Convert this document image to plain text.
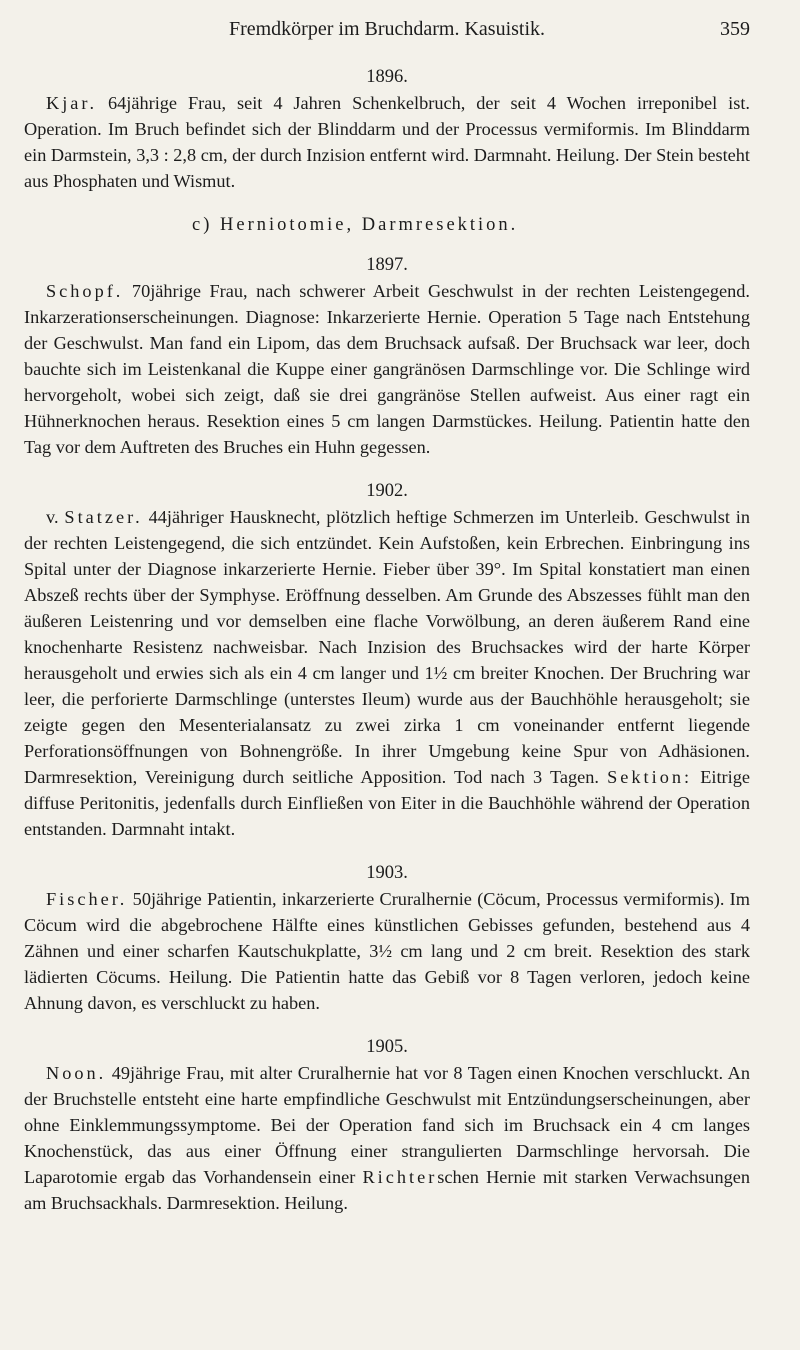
Fremdkörper im Bruchdarm. Kasuistik.	359

1896.

Kjar. 64jährige Frau, seit 4 Jahren Schenkelbruch, der seit 4 Wochen irreponibel ist. Operation. Im Bruch befindet sich der Blinddarm und der Processus vermiformis. Im Blinddarm ein Darmstein, 3,3 : 2,8 cm, der durch Inzision entfernt wird. Darmnaht. Heilung. Der Stein besteht aus Phosphaten und Wismut.

c) Herniotomie, Darmresektion.

1897.

Schopf. 70jährige Frau, nach schwerer Arbeit Geschwulst in der rechten Leistengegend. Inkarzerationserscheinungen. Diagnose: Inkarzerierte Hernie. Operation 5 Tage nach Entstehung der Geschwulst. Man fand ein Lipom, das dem Bruchsack aufsaß. Der Bruchsack war leer, doch bauchte sich im Leistenkanal die Kuppe einer gangränösen Darmschlinge vor. Die Schlinge wird hervorgeholt, wobei sich zeigt, daß sie drei gangränöse Stellen aufweist. Aus einer ragt ein Hühnerknochen heraus. Resektion eines 5 cm langen Darmstückes. Heilung. Patientin hatte den Tag vor dem Auftreten des Bruches ein Huhn gegessen.

1902.

v. Statzer. 44jähriger Hausknecht, plötzlich heftige Schmerzen im Unterleib. Geschwulst in der rechten Leistengegend, die sich entzündet. Kein Aufstoßen, kein Erbrechen. Einbringung ins Spital unter der Diagnose inkarzerierte Hernie. Fieber über 39°. Im Spital konstatiert man einen Abszeß rechts über der Symphyse. Eröffnung desselben. Am Grunde des Abszesses fühlt man den äußeren Leistenring und vor demselben eine flache Vorwölbung, an deren äußerem Rand eine knochenharte Resistenz nachweisbar. Nach Inzision des Bruchsackes wird der harte Körper herausgeholt und erwies sich als ein 4 cm langer und 1½ cm breiter Knochen. Der Bruchring war leer, die perforierte Darmschlinge (unterstes Ileum) wurde aus der Bauchhöhle herausgeholt; sie zeigte gegen den Mesenterialansatz zu zwei zirka 1 cm voneinander entfernt liegende Perforationsöffnungen von Bohnengröße. In ihrer Umgebung keine Spur von Adhäsionen. Darmresektion, Vereinigung durch seitliche Apposition. Tod nach 3 Tagen. Sektion: Eitrige diffuse Peritonitis, jedenfalls durch Einfließen von Eiter in die Bauchhöhle während der Operation entstanden. Darmnaht intakt.

1903.

Fischer. 50jährige Patientin, inkarzerierte Cruralhernie (Cöcum, Processus vermiformis). Im Cöcum wird die abgebrochene Hälfte eines künstlichen Gebisses gefunden, bestehend aus 4 Zähnen und einer scharfen Kautschukplatte, 3½ cm lang und 2 cm breit. Resektion des stark lädierten Cöcums. Heilung. Die Patientin hatte das Gebiß vor 8 Tagen verloren, jedoch keine Ahnung davon, es verschluckt zu haben.

1905.

Noon. 49jährige Frau, mit alter Cruralhernie hat vor 8 Tagen einen Knochen verschluckt. An der Bruchstelle entsteht eine harte empfindliche Geschwulst mit Entzündungserscheinungen, aber ohne Einklemmungssymptome. Bei der Operation fand sich im Bruchsack ein 4 cm langes Knochenstück, das aus einer Öffnung einer strangulierten Darmschlinge hervorsah. Die Laparotomie ergab das Vorhandensein einer Richterschen Hernie mit starken Verwachsungen am Bruchsackhals. Darmresektion. Heilung.
